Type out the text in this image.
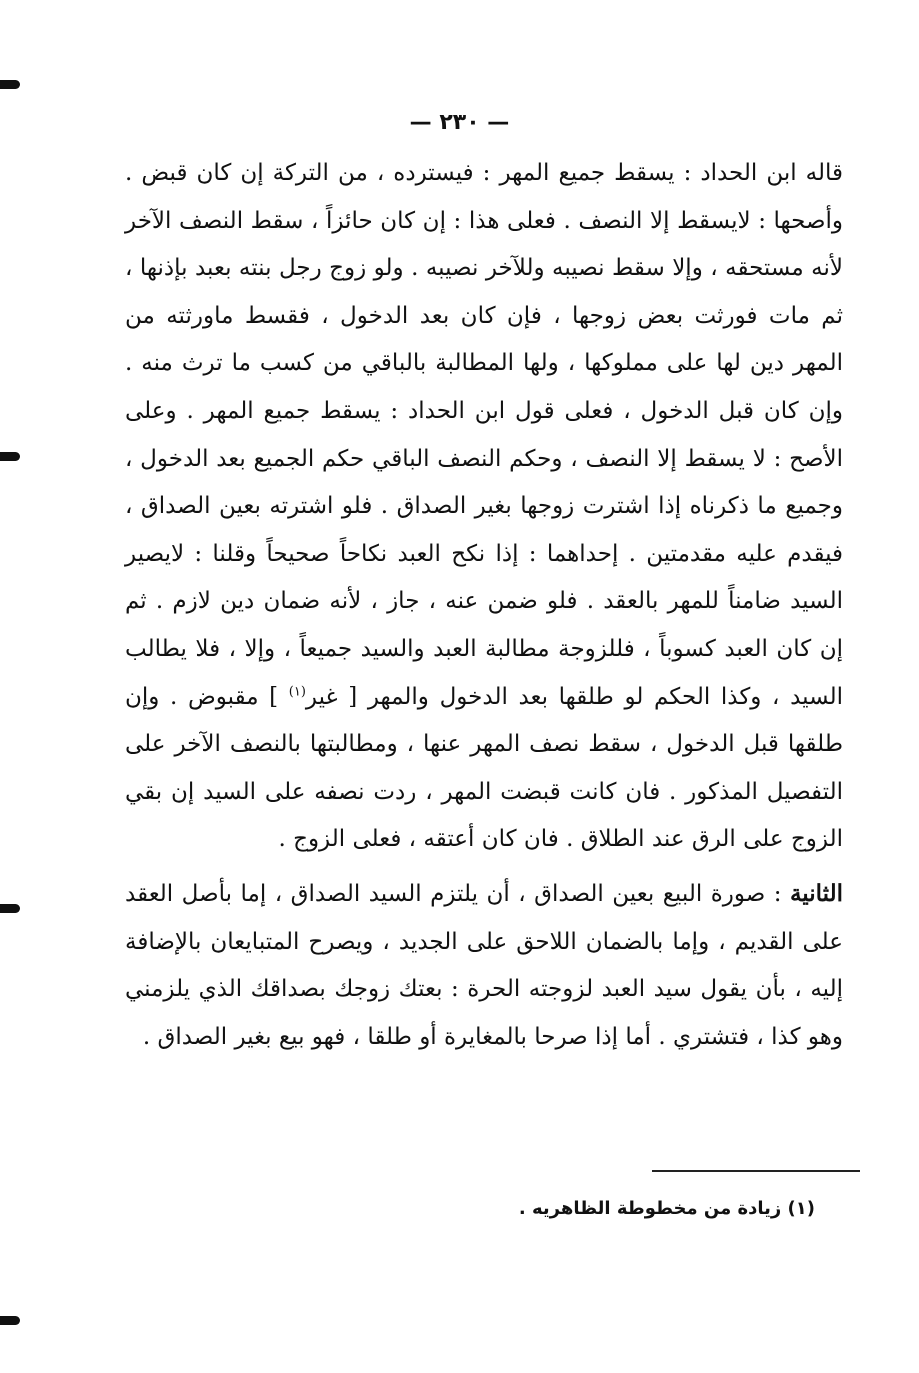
— ٢٣٠ —

قاله ابن الحداد : يسقط جميع المهر : فيسترده ، من التركة إن كان قبض . وأصحها : لايسقط إلا النصف . فعلى هذا : إن كان حائزاً ، سقط النصف الآخر لأنه مستحقه ، وإلا سقط نصيبه وللآخر نصيبه . ولو زوج رجل بنته بعبد بإذنها ، ثم مات فورثت بعض زوجها ، فإن كان بعد الدخول ، فقسط ماورثته من المهر دين لها على مملوكها ، ولها المطالبة بالباقي من كسب ما ترث منه . وإن كان قبل الدخول ، فعلى قول ابن الحداد : يسقط جميع المهر . وعلى الأصح : لا يسقط إلا النصف ، وحكم النصف الباقي حكم الجميع بعد الدخول ، وجميع ما ذكرناه إذا اشترت زوجها بغير الصداق . فلو اشترته بعين الصداق ، فيقدم عليه مقدمتين . إحداهما : إذا نكح العبد نكاحاً صحيحاً وقلنا : لايصير السيد ضامناً للمهر بالعقد . فلو ضمن عنه ، جاز ، لأنه ضمان دين لازم . ثم إن كان العبد كسوباً ، فللزوجة مطالبة العبد والسيد جميعاً ، وإلا ، فلا يطالب السيد ، وكذا الحكم لو طلقها بعد الدخول والمهر [ غير$^{(١)}$ ] مقبوض . وإن طلقها قبل الدخول ، سقط نصف المهر عنها ، ومطالبتها بالنصف الآخر على التفصيل المذكور . فان كانت قبضت المهر ، ردت نصفه على السيد إن بقي الزوج على الرق عند الطلاق . فان كان أعتقه ، فعلى الزوج .

الثانية : صورة البيع بعين الصداق ، أن يلتزم السيد الصداق ، إما بأصل العقد على القديم ، وإما بالضمان اللاحق على الجديد ، ويصرح المتبايعان بالإضافة إليه ، بأن يقول سيد العبد لزوجته الحرة : بعتك زوجك بصداقك الذي يلزمني وهو كذا ، فتشتري . أما إذا صرحا بالمغايرة أو طلقا ، فهو بيع بغير الصداق .

(١) زيادة من مخطوطة الظاهريه .
